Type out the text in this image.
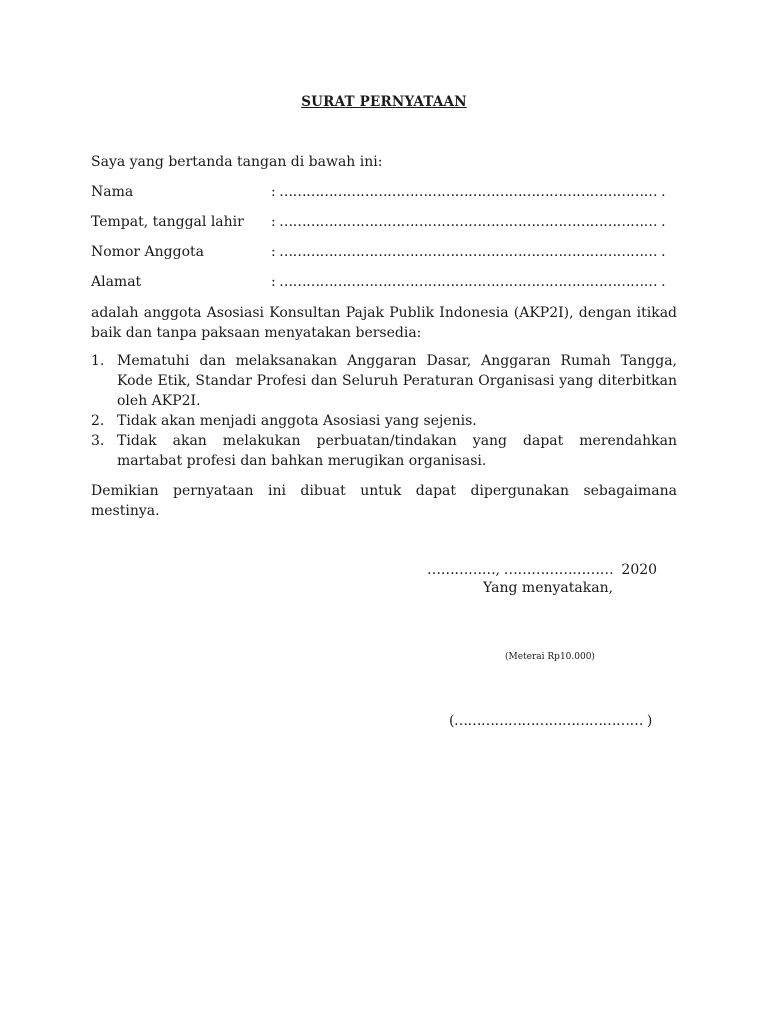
SURAT PERNYATAAN
Saya yang bertanda tangan di bawah ini:
Nama	: ………………………………………………………………………… .
Tempat, tanggal lahir : ………………………………………………………………………… .
Nomor Anggota	: ………………………………………………………………………… .
Alamat	: ………………………………………………………………………… .
adalah anggota Asosiasi Konsultan Pajak Publik Indonesia (AKP2I), dengan itikad baik dan tanpa paksaan menyatakan bersedia:
1. Mematuhi dan melaksanakan Anggaran Dasar, Anggaran Rumah Tangga, Kode Etik, Standar Profesi dan Seluruh Peraturan Organisasi yang diterbitkan oleh AKP2I.
2. Tidak akan menjadi anggota Asosiasi yang sejenis.
3. Tidak akan melakukan perbuatan/tindakan yang dapat merendahkan martabat profesi dan bahkan merugikan organisasi.
Demikian pernyataan ini dibuat untuk dapat dipergunakan sebagaimana mestinya.
……………, …………………… 2020
Yang menyatakan,
(Meterai Rp10.000)
(…………………………………… )
